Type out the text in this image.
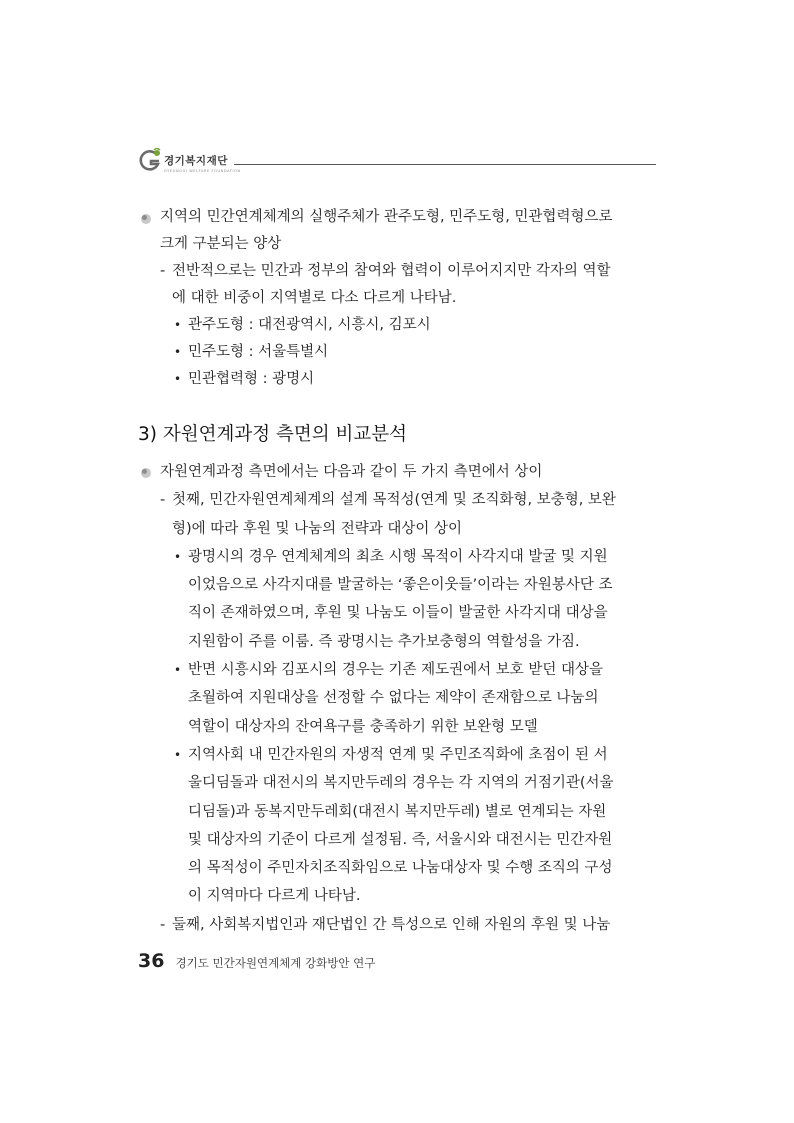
경기복지재단
GYEONGGI WELFARE FOUNDATION
지역의 민간연계체계의 실행주체가 관주도형, 민주도형, 민관협력형으로
크게 구분되는 양상
- 전반적으로는 민간과 정부의 참여와 협력이 이루어지지만 각자의 역할
에 대한 비중이 지역별로 다소 다르게 나타남.
• 관주도형 : 대전광역시, 시흥시, 김포시
• 민주도형 : 서울특별시
• 민관협력형 : 광명시
3) 자원연계과정 측면의 비교분석
자원연계과정 측면에서는 다음과 같이 두 가지 측면에서 상이
- 첫째, 민간자원연계체계의 설계 목적성(연계 및 조직화형, 보충형, 보완
형)에 따라 후원 및 나눔의 전략과 대상이 상이
• 광명시의 경우 연계체계의 최초 시행 목적이 사각지대 발굴 및 지원
이었음으로 사각지대를 발굴하는 ‘좋은이웃들’이라는 자원봉사단 조
직이 존재하였으며, 후원 및 나눔도 이들이 발굴한 사각지대 대상을
지원함이 주를 이룸. 즉 광명시는 추가보충형의 역할성을 가짐.
• 반면 시흥시와 김포시의 경우는 기존 제도권에서 보호 받던 대상을
초월하여 지원대상을 선정할 수 없다는 제약이 존재함으로 나눔의
역할이 대상자의 잔여욕구를 충족하기 위한 보완형 모델
• 지역사회 내 민간자원의 자생적 연계 및 주민조직화에 초점이 된 서
울디딤돌과 대전시의 복지만두레의 경우는 각 지역의 거점기관(서울
디딤돌)과 동복지만두레회(대전시 복지만두레) 별로 연계되는 자원
및 대상자의 기준이 다르게 설정됨. 즉, 서울시와 대전시는 민간자원
의 목적성이 주민자치조직화임으로 나눔대상자 및 수행 조직의 구성
이 지역마다 다르게 나타남.
- 둘째, 사회복지법인과 재단법인 간 특성으로 인해 자원의 후원 및 나눔
36 경기도 민간자원연계체계 강화방안 연구
